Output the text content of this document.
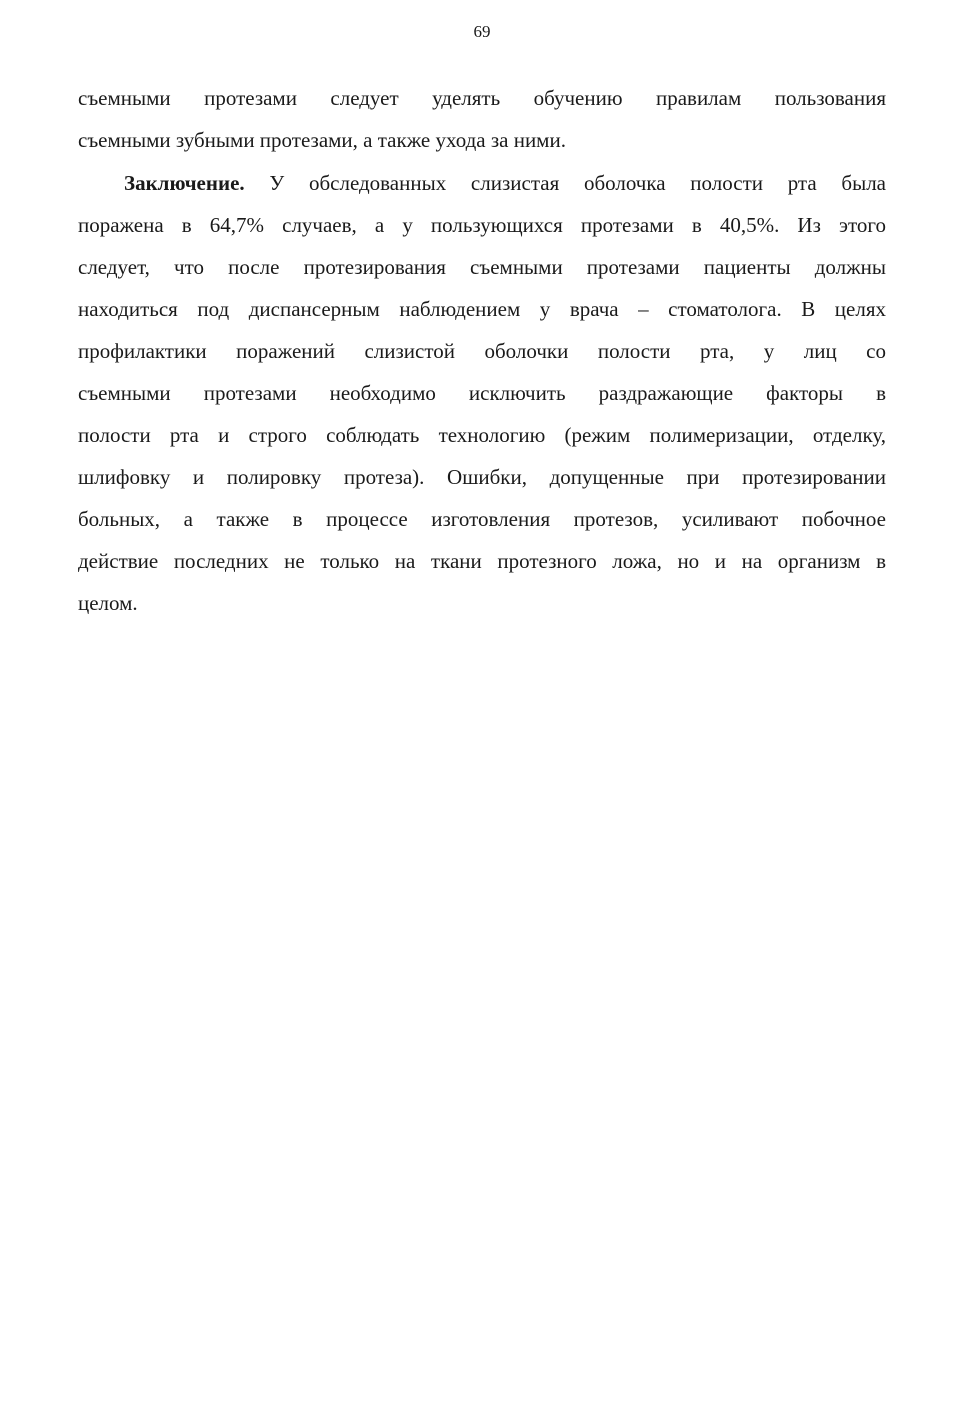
69
съемными протезами следует уделять обучению правилам пользования
съемными зубными протезами, а также ухода за ними.
Заключение. У обследованных слизистая оболочка полости рта была
поражена в 64,7% случаев, а у пользующихся протезами в 40,5%. Из этого
следует, что после протезирования съемными протезами пациенты должны
находиться под диспансерным наблюдением у врача – стоматолога. В целях
профилактики поражений слизистой оболочки полости рта, у лиц со
съемными протезами необходимо исключить раздражающие факторы в
полости рта и строго соблюдать технологию (режим полимеризации, отделку,
шлифовку и полировку протеза). Ошибки, допущенные при протезировании
больных, а также в процессе изготовления протезов, усиливают побочное
действие последних не только на ткани протезного ложа, но и на организм в
целом.
